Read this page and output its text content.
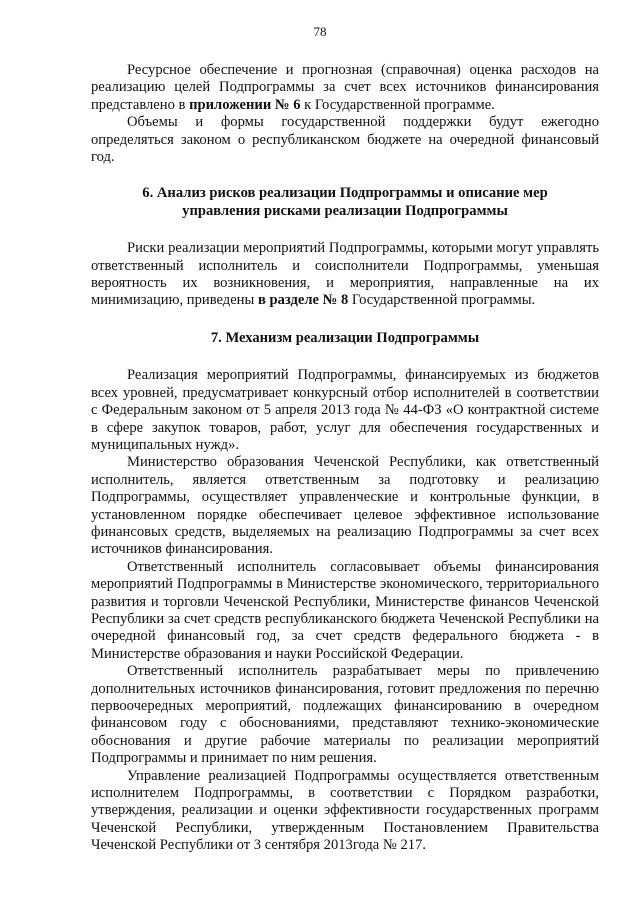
78

Ресурсное обеспечение и прогнозная (справочная) оценка расходов на реализацию целей Подпрограммы за счет всех источников финансирования представлено в приложении № 6 к Государственной программе.

Объемы и формы государственной поддержки будут ежегодно определяться законом о республиканском бюджете на очередной финансовый год.

6. Анализ рисков реализации Подпрограммы и описание мер
управления рисками реализации Подпрограммы

Риски реализации мероприятий Подпрограммы, которыми могут управлять ответственный исполнитель и соисполнители Подпрограммы, уменьшая вероятность их возникновения, и мероприятия, направленные на их минимизацию, приведены в разделе № 8 Государственной программы.

7. Механизм реализации Подпрограммы

Реализация мероприятий Подпрограммы, финансируемых из бюджетов всех уровней, предусматривает конкурсный отбор исполнителей в соответствии с Федеральным законом от 5 апреля 2013 года № 44-ФЗ «О контрактной системе в сфере закупок товаров, работ, услуг для обеспечения государственных и муниципальных нужд».

Министерство образования Чеченской Республики, как ответственный исполнитель, является ответственным за подготовку и реализацию Подпрограммы, осуществляет управленческие и контрольные функции, в установленном порядке обеспечивает целевое эффективное использование финансовых средств, выделяемых на реализацию Подпрограммы за счет всех источников финансирования.

Ответственный исполнитель согласовывает объемы финансирования мероприятий Подпрограммы в Министерстве экономического, территориального развития и торговли Чеченской Республики, Министерстве финансов Чеченской Республики за счет средств республиканского бюджета Чеченской Республики на очередной финансовый год, за счет средств федерального бюджета - в Министерстве образования и науки Российской Федерации.

Ответственный исполнитель разрабатывает меры по привлечению дополнительных источников финансирования, готовит предложения по перечню первоочередных мероприятий, подлежащих финансированию в очередном финансовом году с обоснованиями, представляют технико-экономические обоснования и другие рабочие материалы по реализации мероприятий Подпрограммы и принимает по ним решения.

Управление реализацией Подпрограммы осуществляется ответственным исполнителем Подпрограммы, в соответствии с Порядком разработки, утверждения, реализации и оценки эффективности государственных программ Чеченской Республики, утвержденным Постановлением Правительства Чеченской Республики от 3 сентября 2013года № 217.
